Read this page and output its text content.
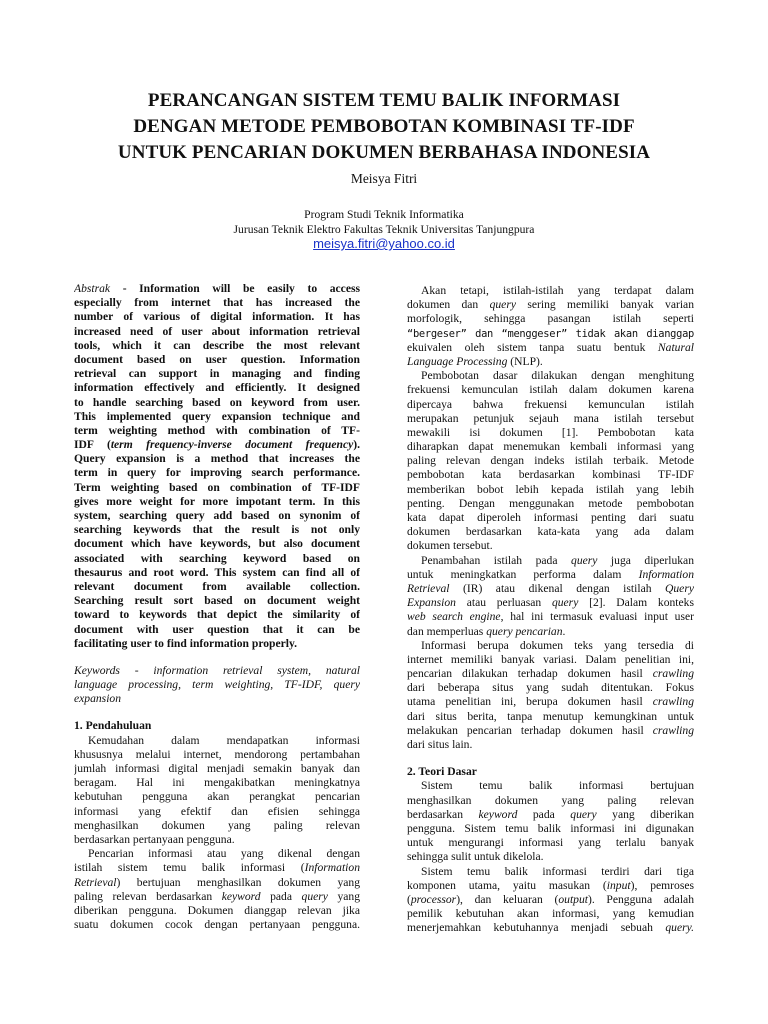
PERANCANGAN SISTEM TEMU BALIK INFORMASI
DENGAN METODE PEMBOBOTAN KOMBINASI TF-IDF
UNTUK PENCARIAN DOKUMEN BERBAHASA INDONESIA
Meisya Fitri
Program Studi Teknik Informatika
Jurusan Teknik Elektro Fakultas Teknik Universitas Tanjungpura
meisya.fitri@yahoo.co.id
Abstrak - Information will be easily to access
especially from internet that has increased the
number of various of digital information. It has
increased need of user about information retrieval
tools, which it can describe the most relevant
document based on user question. Information
retrieval can support in managing and finding
information effectively and efficiently. It designed
to handle searching based on keyword from user.
This implemented query expansion technique and
term weighting method with combination of TF-
IDF (term frequency-inverse document frequency).
Query expansion is a method that increases the
term in query for improving search performance.
Term weighting based on combination of TF-IDF
gives more weight for more impotant term. In this
system, searching query add based on synonim of
searching keywords that the result is not only
document which have keywords, but also document
associated with searching keyword based on
thesaurus and root word. This system can find all of
relevant document from available collection.
Searching result sort based on document weight
toward to keywords that depict the similarity of
document with user question that it can be
facilitating user to find information properly.
Keywords - information retrieval system, natural
language processing, term weighting, TF-IDF, query
expansion
1. Pendahuluan
Kemudahan dalam mendapatkan informasi
khususnya melalui internet, mendorong pertambahan
jumlah informasi digital menjadi semakin banyak dan
beragam. Hal ini mengakibatkan meningkatnya
kebutuhan pengguna akan perangkat pencarian
informasi yang efektif dan efisien sehingga
menghasilkan dokumen yang paling relevan
berdasarkan pertanyaan pengguna.
Pencarian informasi atau yang dikenal dengan
istilah sistem temu balik informasi (Information
Retrieval) bertujuan menghasilkan dokumen yang
paling relevan berdasarkan keyword pada query yang
diberikan pengguna. Dokumen dianggap relevan jika
suatu dokumen cocok dengan pertanyaan pengguna.
Akan tetapi, istilah-istilah yang terdapat dalam
dokumen dan query sering memiliki banyak varian
morfologik, sehingga pasangan istilah seperti
“bergeser” dan “menggeser” tidak akan dianggap
ekuivalen oleh sistem tanpa suatu bentuk Natural
Language Processing (NLP).
Pembobotan dasar dilakukan dengan menghitung
frekuensi kemunculan istilah dalam dokumen karena
dipercaya bahwa frekuensi kemunculan istilah
merupakan petunjuk sejauh mana istilah tersebut
mewakili isi dokumen [1]. Pembobotan kata
diharapkan dapat menemukan kembali informasi yang
paling relevan dengan indeks istilah terbaik. Metode
pembobotan kata berdasarkan kombinasi TF-IDF
memberikan bobot lebih kepada istilah yang lebih
penting. Dengan menggunakan metode pembobotan
kata dapat diperoleh informasi penting dari suatu
dokumen berdasarkan kata-kata yang ada dalam
dokumen tersebut.
Penambahan istilah pada query juga diperlukan
untuk meningkatkan performa dalam Information
Retrieval (IR) atau dikenal dengan istilah Query
Expansion atau perluasan query [2]. Dalam konteks
web search engine, hal ini termasuk evaluasi input user
dan memperluas query pencarian.
Informasi berupa dokumen teks yang tersedia di
internet memiliki banyak variasi. Dalam penelitian ini,
pencarian dilakukan terhadap dokumen hasil crawling
dari beberapa situs yang sudah ditentukan. Fokus
utama penelitian ini, berupa dokumen hasil crawling
dari situs berita, tanpa menutup kemungkinan untuk
melakukan pencarian terhadap dokumen hasil crawling
dari situs lain.
2. Teori Dasar
Sistem temu balik informasi bertujuan
menghasilkan dokumen yang paling relevan
berdasarkan keyword pada query yang diberikan
pengguna. Sistem temu balik informasi ini digunakan
untuk mengurangi informasi yang terlalu banyak
sehingga sulit untuk dikelola.
Sistem temu balik informasi terdiri dari tiga
komponen utama, yaitu masukan (input), pemroses
(processor), dan keluaran (output). Pengguna adalah
pemilik kebutuhan akan informasi, yang kemudian
menerjemahkan kebutuhannya menjadi sebuah query.
